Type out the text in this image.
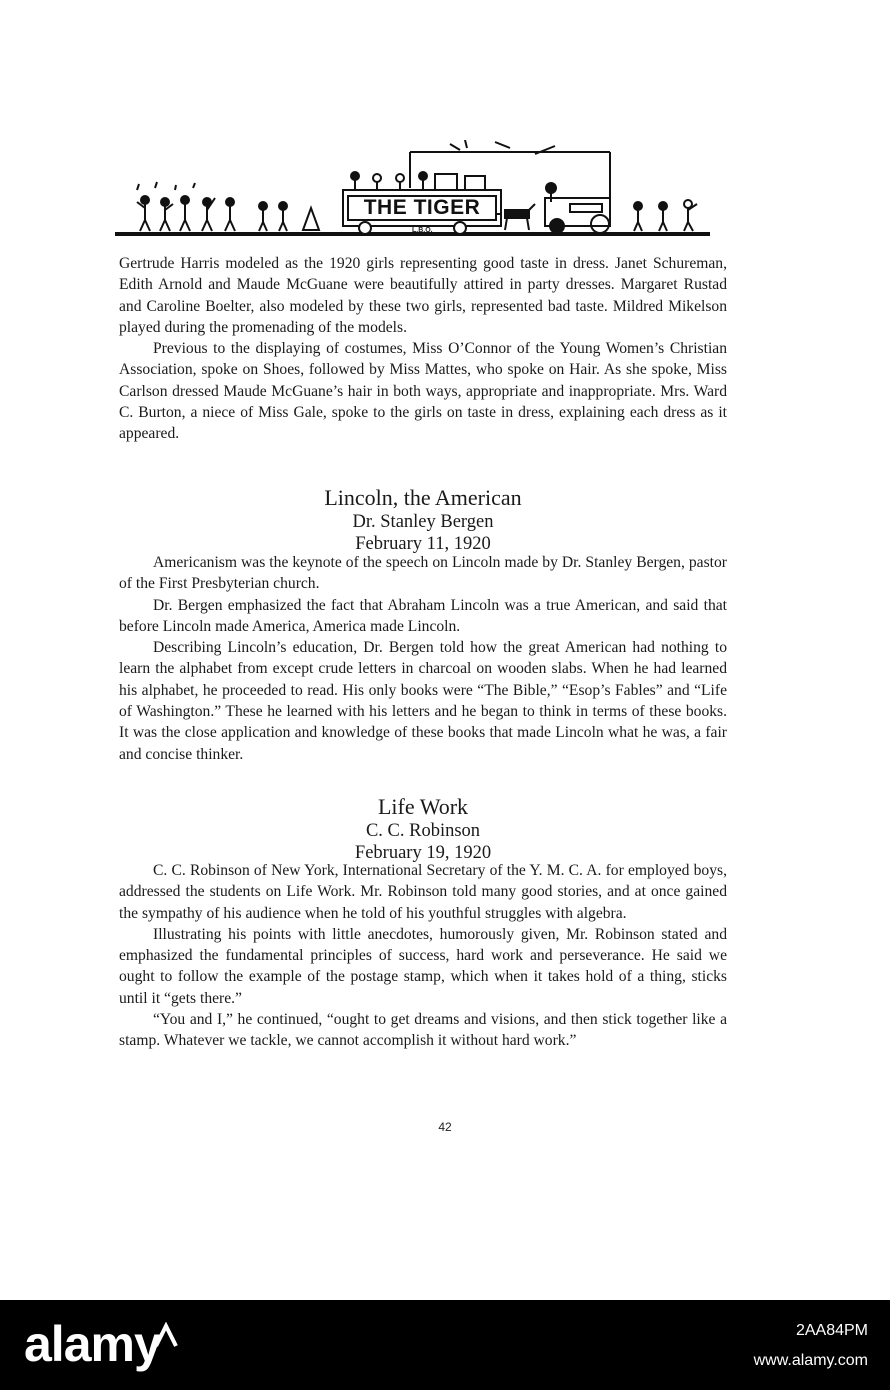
THE TIGER
L.B.O.

Gertrude Harris modeled as the 1920 girls representing good taste in dress. Janet Schureman, Edith Arnold and Maude McGuane were beautifully attired in party dresses. Margaret Rustad and Caroline Boelter, also modeled by these two girls, represented bad taste. Mildred Mikelson played during the promenading of the models.

Previous to the displaying of costumes, Miss O’Connor of the Young Women’s Christian Association, spoke on Shoes, followed by Miss Mattes, who spoke on Hair. As she spoke, Miss Carlson dressed Maude McGuane’s hair in both ways, appropriate and inappropriate. Mrs. Ward C. Burton, a niece of Miss Gale, spoke to the girls on taste in dress, explaining each dress as it appeared.

Lincoln, the American

Dr. Stanley Bergen

February 11, 1920

Americanism was the keynote of the speech on Lincoln made by Dr. Stanley Bergen, pastor of the First Presbyterian church.

Dr. Bergen emphasized the fact that Abraham Lincoln was a true American, and said that before Lincoln made America, America made Lincoln.

Describing Lincoln’s education, Dr. Bergen told how the great American had nothing to learn the alphabet from except crude letters in charcoal on wooden slabs. When he had learned his alphabet, he proceeded to read. His only books were “The Bible,” “Esop’s Fables” and “Life of Washington.” These he learned with his letters and he began to think in terms of these books. It was the close application and knowledge of these books that made Lincoln what he was, a fair and concise thinker.

Life Work

C. C. Robinson

February 19, 1920

C. C. Robinson of New York, International Secretary of the Y. M. C. A. for employed boys, addressed the students on Life Work. Mr. Robinson told many good stories, and at once gained the sympathy of his audience when he told of his youthful struggles with algebra.

Illustrating his points with little anecdotes, humorously given, Mr. Robinson stated and emphasized the fundamental principles of success, hard work and perseverance. He said we ought to follow the example of the postage stamp, which when it takes hold of a thing, sticks until it “gets there.”

“You and I,” he continued, “ought to get dreams and visions, and then stick together like a stamp. Whatever we tackle, we cannot accomplish it without hard work.”

42
alamy	2AA84PM
www.alamy.com
